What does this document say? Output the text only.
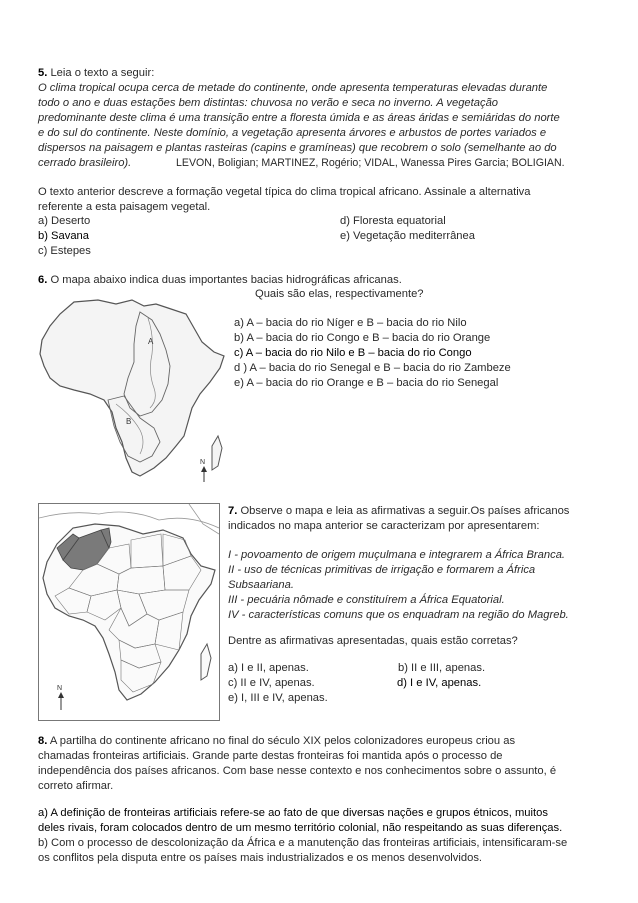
5. Leia o texto a seguir:
O clima tropical ocupa cerca de metade do continente, onde apresenta temperaturas elevadas durante
todo o ano e duas estações bem distintas: chuvosa no verão e seca no inverno. A vegetação
predominante deste clima é uma transição entre a floresta úmida e as áreas áridas e semiáridas do norte
e do sul do continente. Neste domínio, a vegetação apresenta árvores e arbustos de portes variados e
dispersos na paisagem e plantas rasteiras (capins e gramíneas) que recobrem o solo (semelhante ao do
cerrado brasileiro).	LEVON, Boligian; MARTINEZ, Rogério; VIDAL, Wanessa Pires Garcia; BOLIGIAN.
O texto anterior descreve a formação vegetal típica do clima tropical africano. Assinale a alternativa
referente a esta paisagem vegetal.
a) Deserto
b) Savana
c) Estepes
d) Floresta equatorial
e) Vegetação mediterrânea
6. O mapa abaixo indica duas importantes bacias hidrográficas africanas.
Quais são elas, respectivamente?
A
B
N
a) A – bacia do rio Níger e B – bacia do rio Nilo
b) A – bacia do rio Congo e B – bacia do rio Orange
c) A – bacia do rio Nilo e B – bacia do rio Congo
d ) A – bacia do rio Senegal e B – bacia do rio Zambeze
e) A – bacia do rio Orange e B – bacia do rio Senegal
N
7. Observe o mapa e leia as afirmativas a seguir.Os países africanos
indicados no mapa anterior se caracterizam por apresentarem:
I - povoamento de origem muçulmana e integrarem a África Branca.
II - uso de técnicas primitivas de irrigação e formarem a África
Subsaariana.
III - pecuária nômade e constituírem a África Equatorial.
IV - características comuns que os enquadram na região do Magreb.
Dentre as afirmativas apresentadas, quais estão corretas?
a) I e II, apenas.	b) II e III, apenas.
c) II e IV, apenas.	d) I e IV, apenas.
e) I, III e IV, apenas.
8. A partilha do continente africano no final do século XIX pelos colonizadores europeus criou as
chamadas fronteiras artificiais. Grande parte destas fronteiras foi mantida após o processo de
independência dos países africanos. Com base nesse contexto e nos conhecimentos sobre o assunto, é
correto afirmar.
a) A definição de fronteiras artificiais refere-se ao fato de que diversas nações e grupos étnicos, muitos
deles rivais, foram colocados dentro de um mesmo território colonial, não respeitando as suas diferenças.
b) Com o processo de descolonização da África e a manutenção das fronteiras artificiais, intensificaram-se
os conflitos pela disputa entre os países mais industrializados e os menos desenvolvidos.
